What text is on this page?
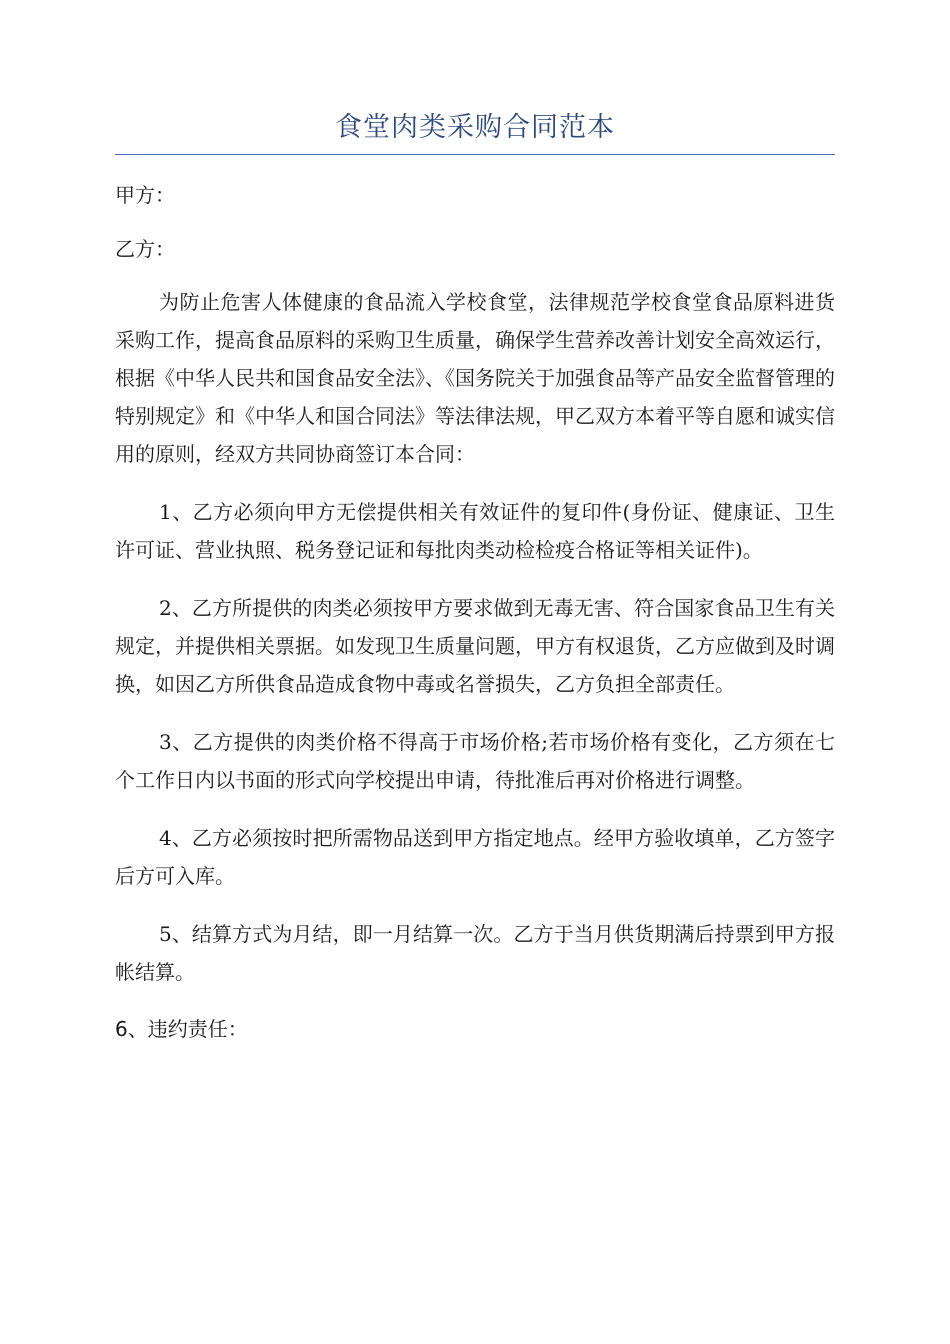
食堂肉类采购合同范本

甲方：

乙方：

为防止危害人体健康的食品流入学校食堂，法律规范学校食堂食品原料进货采购工作，提高食品原料的采购卫生质量，确保学生营养改善计划安全高效运行，根据《中华人民共和国食品安全法》、《国务院关于加强食品等产品安全监督管理的特别规定》和《中华人和国合同法》等法律法规，甲乙双方本着平等自愿和诚实信用的原则，经双方共同协商签订本合同：

1、乙方必须向甲方无偿提供相关有效证件的复印件(身份证、健康证、卫生许可证、营业执照、税务登记证和每批肉类动检检疫合格证等相关证件)。

2、乙方所提供的肉类必须按甲方要求做到无毒无害、符合国家食品卫生有关规定，并提供相关票据。如发现卫生质量问题，甲方有权退货，乙方应做到及时调换，如因乙方所供食品造成食物中毒或名誉损失，乙方负担全部责任。

3、乙方提供的肉类价格不得高于市场价格;若市场价格有变化，乙方须在七个工作日内以书面的形式向学校提出申请，待批准后再对价格进行调整。

4、乙方必须按时把所需物品送到甲方指定地点。经甲方验收填单，乙方签字后方可入库。

5、结算方式为月结，即一月结算一次。乙方于当月供货期满后持票到甲方报帐结算。

6、违约责任：
